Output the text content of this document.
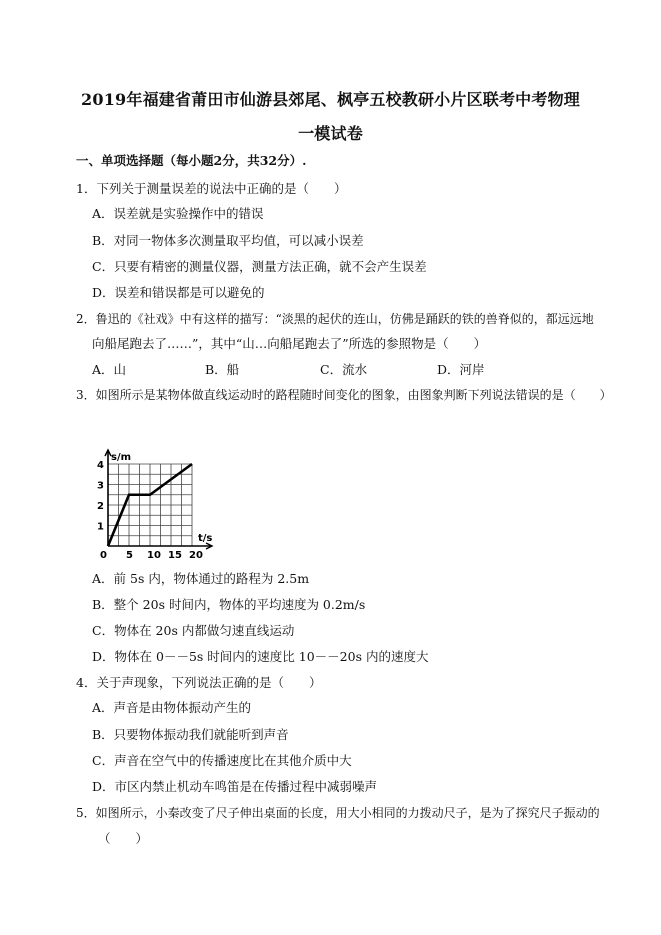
2019年福建省莆田市仙游县郊尾、枫亭五校教研小片区联考中考物理
一模试卷
一、单项选择题（每小题2分，共32分）.
1．下列关于测量误差的说法中正确的是（　　）
A．误差就是实验操作中的错误
B．对同一物体多次测量取平均值，可以减小误差
C．只要有精密的测量仪器，测量方法正确，就不会产生误差
D．误差和错误都是可以避免的
2．鲁迅的《社戏》中有这样的描写：“淡黑的起伏的连山，仿佛是踊跃的铁的兽脊似的，都远远地
向船尾跑去了……”，其中“山…向船尾跑去了”所选的参照物是（　　）
A．山	B．船	C．流水	D．河岸
3．如图所示是某物体做直线运动时的路程随时间变化的图象，由图象判断下列说法错误的是（　　）
0 5 10 15 20
1
2
3
4
s/m
t/s
A．前 5s 内，物体通过的路程为 2.5m
B．整个 20s 时间内，物体的平均速度为 0.2m/s
C．物体在 20s 内都做匀速直线运动
D．物体在 0－－5s 时间内的速度比 10－－20s 内的速度大
4．关于声现象，下列说法正确的是（　　）
A．声音是由物体振动产生的
B．只要物体振动我们就能听到声音
C．声音在空气中的传播速度比在其他介质中大
D．市区内禁止机动车鸣笛是在传播过程中减弱噪声
5．如图所示，小秦改变了尺子伸出桌面的长度，用大小相同的力拨动尺子，是为了探究尺子振动的
（　　）
